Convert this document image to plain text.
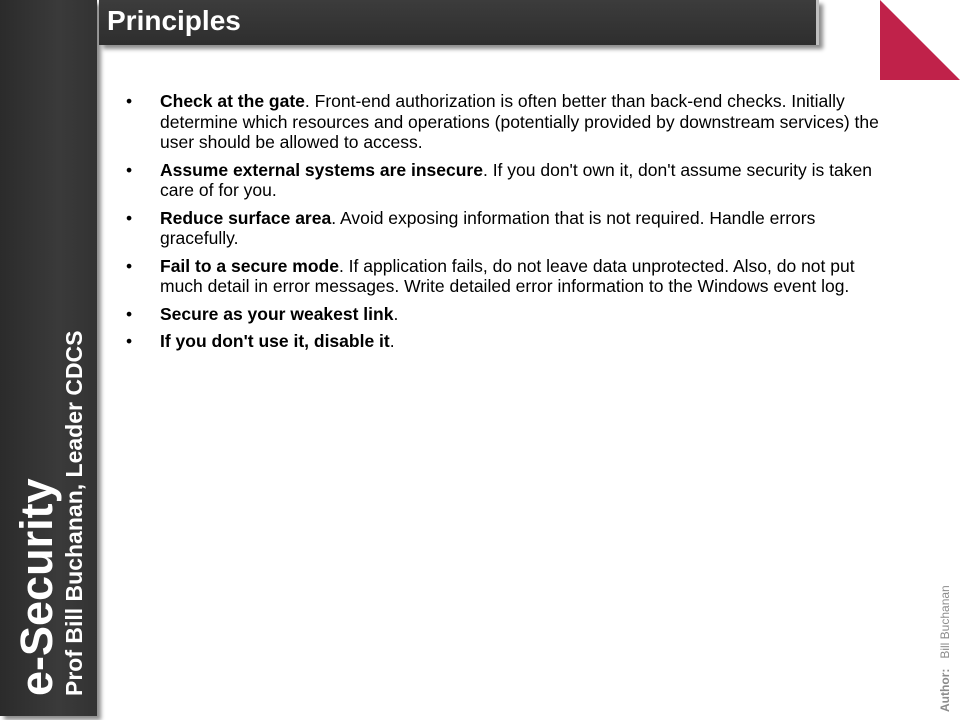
e-Security Prof Bill Buchanan, Leader CDCS
Principles
• Check at the gate. Front-end authorization is often better than back-end checks. Initially determine which resources and operations (potentially provided by downstream services) the user should be allowed to access.
• Assume external systems are insecure. If you don't own it, don't assume security is taken care of for you.
• Reduce surface area. Avoid exposing information that is not required. Handle errors gracefully.
• Fail to a secure mode. If application fails, do not leave data unprotected. Also, do not put much detail in error messages. Write detailed error information to the Windows event log.
• Secure as your weakest link.
• If you don't use it, disable it.
Author:Bill Buchanan
